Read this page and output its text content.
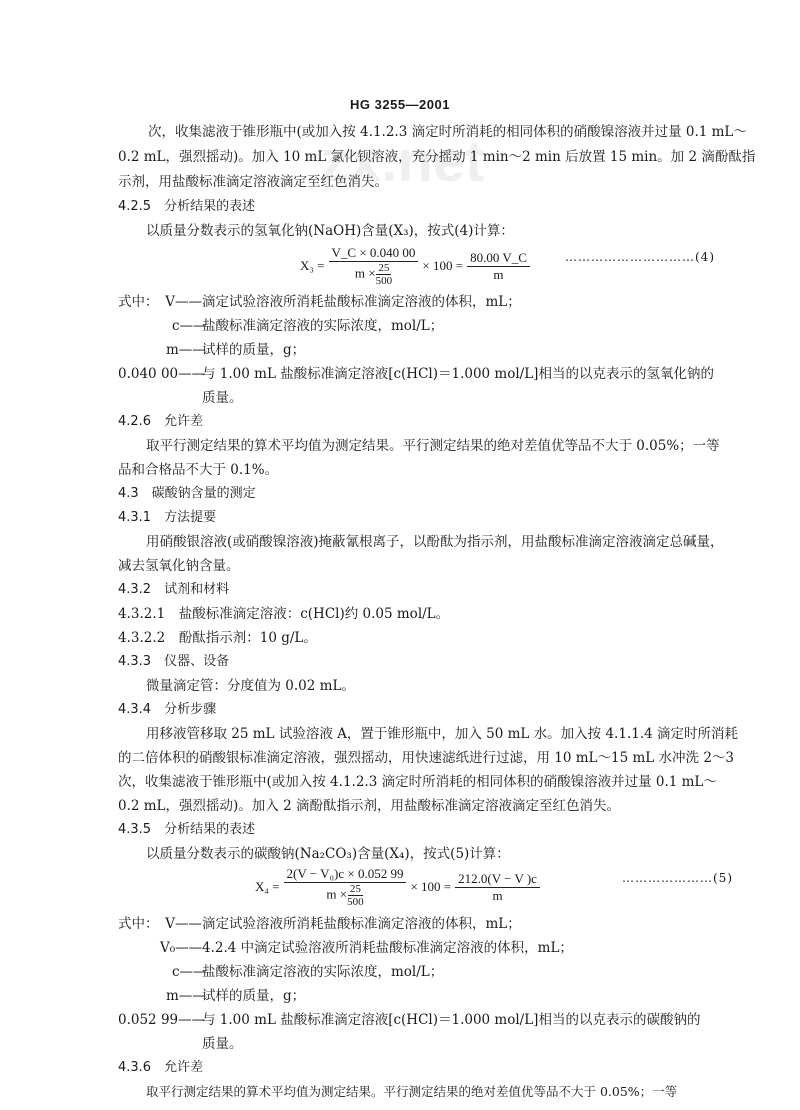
zx.net
HG 3255—2001
次，收集滤液于锥形瓶中(或加入按 4.1.2.3 滴定时所消耗的相同体积的硝酸镍溶液并过量 0.1 mL～
0.2 mL，强烈摇动)。加入 10 mL 氯化钡溶液，充分摇动 1 min～2 min 后放置 15 min。加 2 滴酚酞指
示剂，用盐酸标准滴定溶液滴定至红色消失。
4.2.5　分析结果的表述
以质量分数表示的氢氧化钠(NaOH)含量(X₃)，按式(4)计算：
$X_3 = \frac{V\_C \times 0.040 00}{m \times \frac{25}{500}} \times 100 = \frac{80.00 V\_C}{m}$	…………………………(4)
式中：　V—— 滴定试验溶液所消耗盐酸标准滴定溶液的体积，mL；
c——
盐酸标准滴定溶液的实际浓度，mol/L；
m——
试样的质量，g；
0.040 00——
与 1.00 mL 盐酸标准滴定溶液[c(HCl)＝1.000 mol/L]相当的以克表示的氢氧化钠的
质量。
4.2.6　允许差
取平行测定结果的算术平均值为测定结果。平行测定结果的绝对差值优等品不大于 0.05%；一等
品和合格品不大于 0.1%。
4.3　碳酸钠含量的测定
4.3.1　方法提要
用硝酸银溶液(或硝酸镍溶液)掩蔽氰根离子，以酚酞为指示剂，用盐酸标准滴定溶液滴定总碱量，
减去氢氧化钠含量。
4.3.2　试剂和材料
4.3.2.1　盐酸标准滴定溶液：c(HCl)约 0.05 mol/L。
4.3.2.2　酚酞指示剂：10 g/L。
4.3.3　仪器、设备
微量滴定管：分度值为 0.02 mL。
4.3.4　分析步骤
用移液管移取 25 mL 试验溶液 A，置于锥形瓶中，加入 50 mL 水。加入按 4.1.1.4 滴定时所消耗
的二倍体积的硝酸银标准滴定溶液，强烈摇动，用快速滤纸进行过滤，用 10 mL～15 mL 水冲洗 2～3
次，收集滤液于锥形瓶中(或加入按 4.1.2.3 滴定时所消耗的相同体积的硝酸镍溶液并过量 0.1 mL～
0.2 mL，强烈摇动)。加入 2 滴酚酞指示剂，用盐酸标准滴定溶液滴定至红色消失。
4.3.5　分析结果的表述
以质量分数表示的碳酸钠(Na₂CO₃)含量(X₄)，按式(5)计算：
$X_4 = \frac{\text{2(V − V₀)c × 0.052 99}}{m \times \frac{25}{500}} \times 100 = \frac{212.0(V - V )c}{m}$	…………………(5)
式中：　V—— 滴定试验溶液所消耗盐酸标准滴定溶液的体积，mL；
V₀—— 4.2.4 中滴定试验溶液所消耗盐酸标准滴定溶液的体积，mL；
c——
盐酸标准滴定溶液的实际浓度，mol/L；
m——
试样的质量，g；
0.052 99——
与 1.00 mL 盐酸标准滴定溶液[c(HCl)＝1.000 mol/L]相当的以克表示的碳酸钠的
质量。
4.3.6　允许差
取平行测定结果的算术平均值为测定结果。平行测定结果的绝对差值优等品不大于 0.05%；一等
